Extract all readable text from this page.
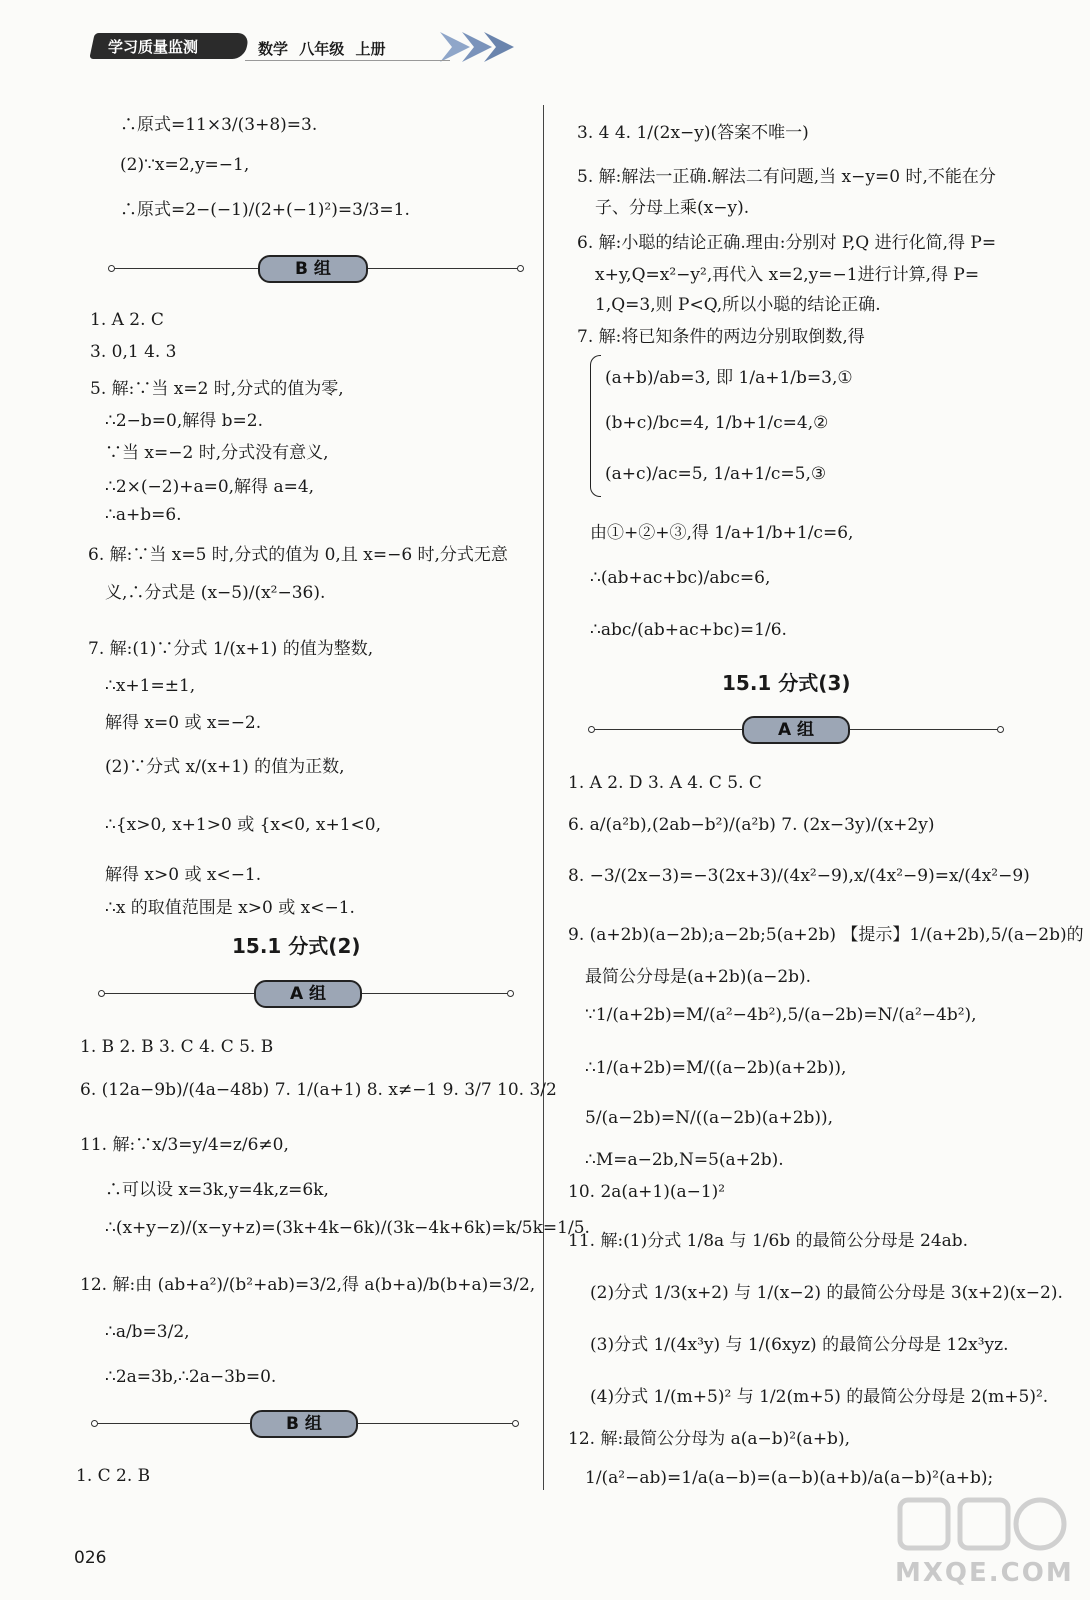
学习质量监测	数学 八年级 上册
∴原式=11×3/(3+8)=3.
(2)∵x=2,y=−1,
∴原式=2−(−1)/(2+(−1)²)=3/3=1.
B 组
1. A 2. C
3. 0,1 4. 3
5. 解:∵当 x=2 时,分式的值为零,
∴2−b=0,解得 b=2.
∵当 x=−2 时,分式没有意义,
∴2×(−2)+a=0,解得 a=4,
∴a+b=6.
6. 解:∵当 x=5 时,分式的值为 0,且 x=−6 时,分式无意
义,∴分式是 (x−5)/(x²−36).
7. 解:(1)∵分式 1/(x+1) 的值为整数,
∴x+1=±1,
解得 x=0 或 x=−2.
(2)∵分式 x/(x+1) 的值为正数,
∴{x>0, x+1>0 或 {x<0, x+1<0,
解得 x>0 或 x<−1.
∴x 的取值范围是 x>0 或 x<−1.
15.1 分式(2)
A 组
1. B 2. B 3. C 4. C 5. B
6. (12a−9b)/(4a−48b) 7. 1/(a+1) 8. x≠−1 9. 3/7 10. 3/2
11. 解:∵x/3=y/4=z/6≠0,
∴可以设 x=3k,y=4k,z=6k,
∴(x+y−z)/(x−y+z)=(3k+4k−6k)/(3k−4k+6k)=k/5k=1/5.
12. 解:由 (ab+a²)/(b²+ab)=3/2,得 a(b+a)/b(b+a)=3/2,
∴a/b=3/2,
∴2a=3b,∴2a−3b=0.
B 组
1. C 2. B
3. 4 4. 1/(2x−y)(答案不唯一)
5. 解:解法一正确.解法二有问题,当 x−y=0 时,不能在分
子、分母上乘(x−y).
6. 解:小聪的结论正确.理由:分别对 P,Q 进行化简,得 P=
x+y,Q=x²−y²,再代入 x=2,y=−1进行计算,得 P=
1,Q=3,则 P<Q,所以小聪的结论正确.
7. 解:将已知条件的两边分别取倒数,得
(a+b)/ab=3, 即 1/a+1/b=3,①
(b+c)/bc=4, 1/b+1/c=4,②
(a+c)/ac=5, 1/a+1/c=5,③
由①+②+③,得 1/a+1/b+1/c=6,
∴(ab+ac+bc)/abc=6,
∴abc/(ab+ac+bc)=1/6.
15.1 分式(3)
A 组
1. A 2. D 3. A 4. C 5. C
6. a/(a²b),(2ab−b²)/(a²b) 7. (2x−3y)/(x+2y)
8. −3/(2x−3)=−3(2x+3)/(4x²−9),x/(4x²−9)=x/(4x²−9)
9. (a+2b)(a−2b);a−2b;5(a+2b) 【提示】1/(a+2b),5/(a−2b)的
最简公分母是(a+2b)(a−2b).
∵1/(a+2b)=M/(a²−4b²),5/(a−2b)=N/(a²−4b²),
∴1/(a+2b)=M/((a−2b)(a+2b)),
5/(a−2b)=N/((a−2b)(a+2b)),
∴M=a−2b,N=5(a+2b).
10. 2a(a+1)(a−1)²
11. 解:(1)分式 1/8a 与 1/6b 的最简公分母是 24ab.
(2)分式 1/3(x+2) 与 1/(x−2) 的最简公分母是 3(x+2)(x−2).
(3)分式 1/(4x³y) 与 1/(6xyz) 的最简公分母是 12x³yz.
(4)分式 1/(m+5)² 与 1/2(m+5) 的最简公分母是 2(m+5)².
12. 解:最简公分母为 a(a−b)²(a+b),
1/(a²−ab)=1/a(a−b)=(a−b)(a+b)/a(a−b)²(a+b);
026	MXQE.COM
